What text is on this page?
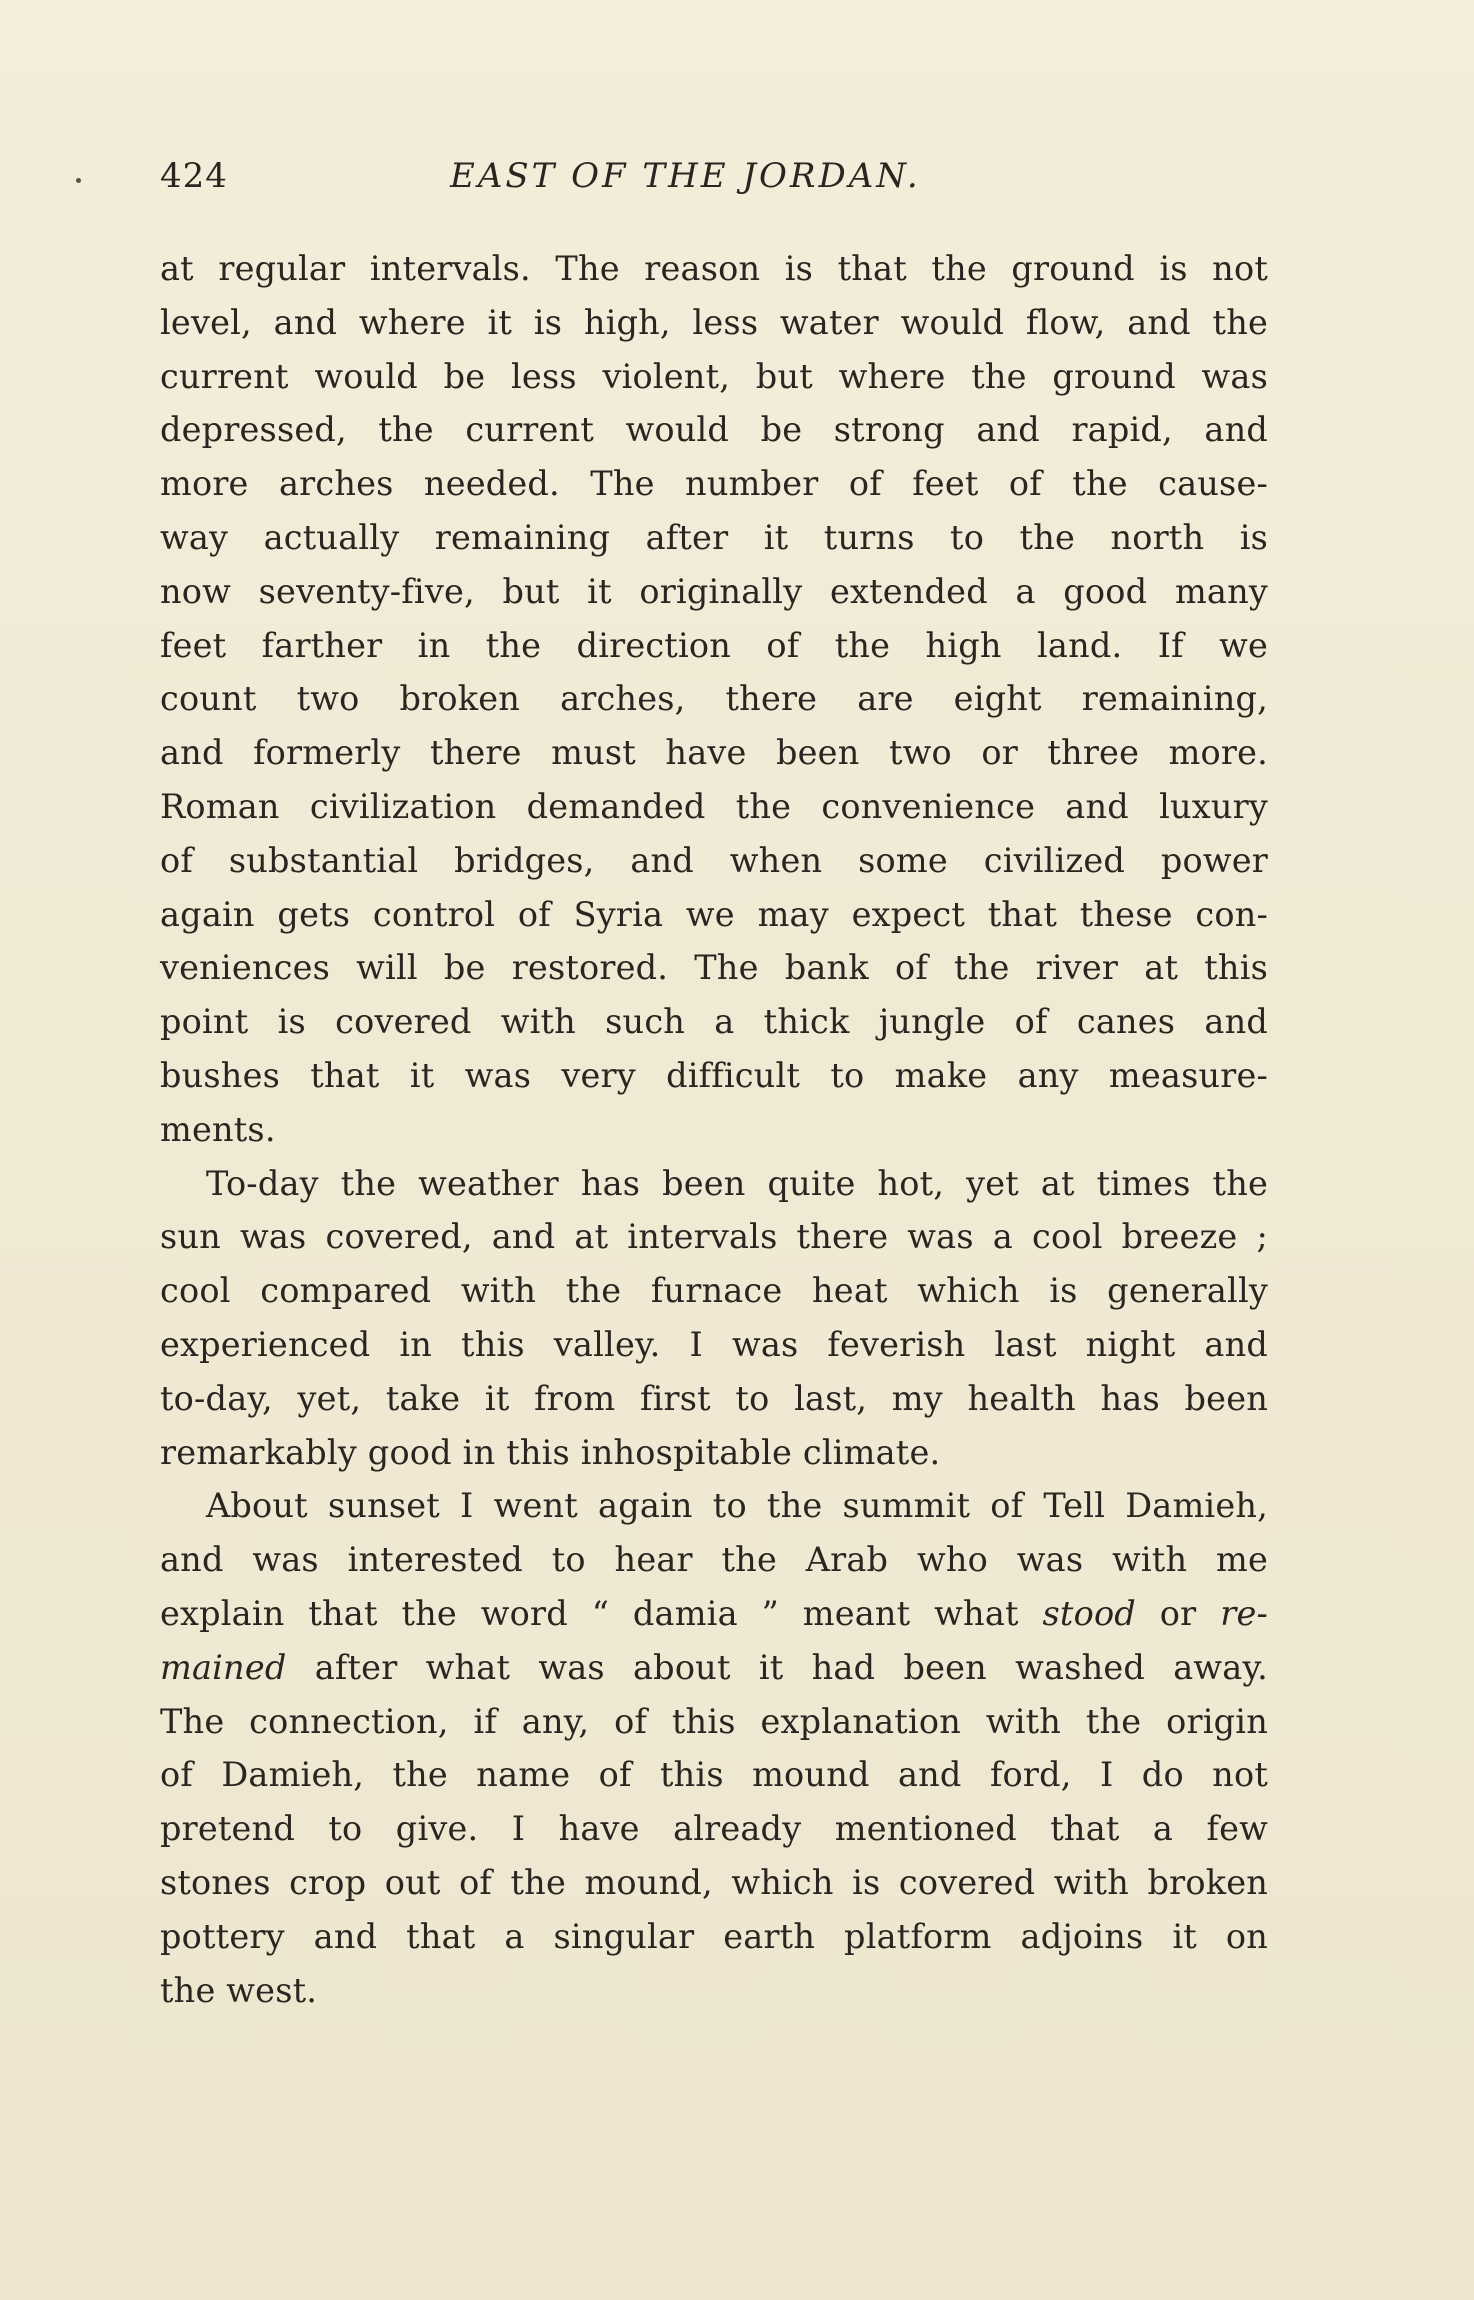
424	EAST OF THE JORDAN.
at regular intervals. The reason is that the ground is not
level, and where it is high, less water would flow, and the
current would be less violent, but where the ground was
depressed, the current would be strong and rapid, and
more arches needed. The number of feet of the cause-
way actually remaining after it turns to the north is
now seventy-five, but it originally extended a good many
feet farther in the direction of the high land. If we
count two broken arches, there are eight remaining,
and formerly there must have been two or three more.
Roman civilization demanded the convenience and luxury
of substantial bridges, and when some civilized power
again gets control of Syria we may expect that these con-
veniences will be restored. The bank of the river at this
point is covered with such a thick jungle of canes and
bushes that it was very difficult to make any measure-
ments.
To-day the weather has been quite hot, yet at times the
sun was covered, and at intervals there was a cool breeze ;
cool compared with the furnace heat which is generally
experienced in this valley. I was feverish last night and
to-day, yet, take it from first to last, my health has been
remarkably good in this inhospitable climate.
About sunset I went again to the summit of Tell Damieh,
and was interested to hear the Arab who was with me
explain that the word “ damia ” meant what stood or re-
mained after what was about it had been washed away.
The connection, if any, of this explanation with the origin
of Damieh, the name of this mound and ford, I do not
pretend to give. I have already mentioned that a few
stones crop out of the mound, which is covered with broken
pottery and that a singular earth platform adjoins it on
the west.
